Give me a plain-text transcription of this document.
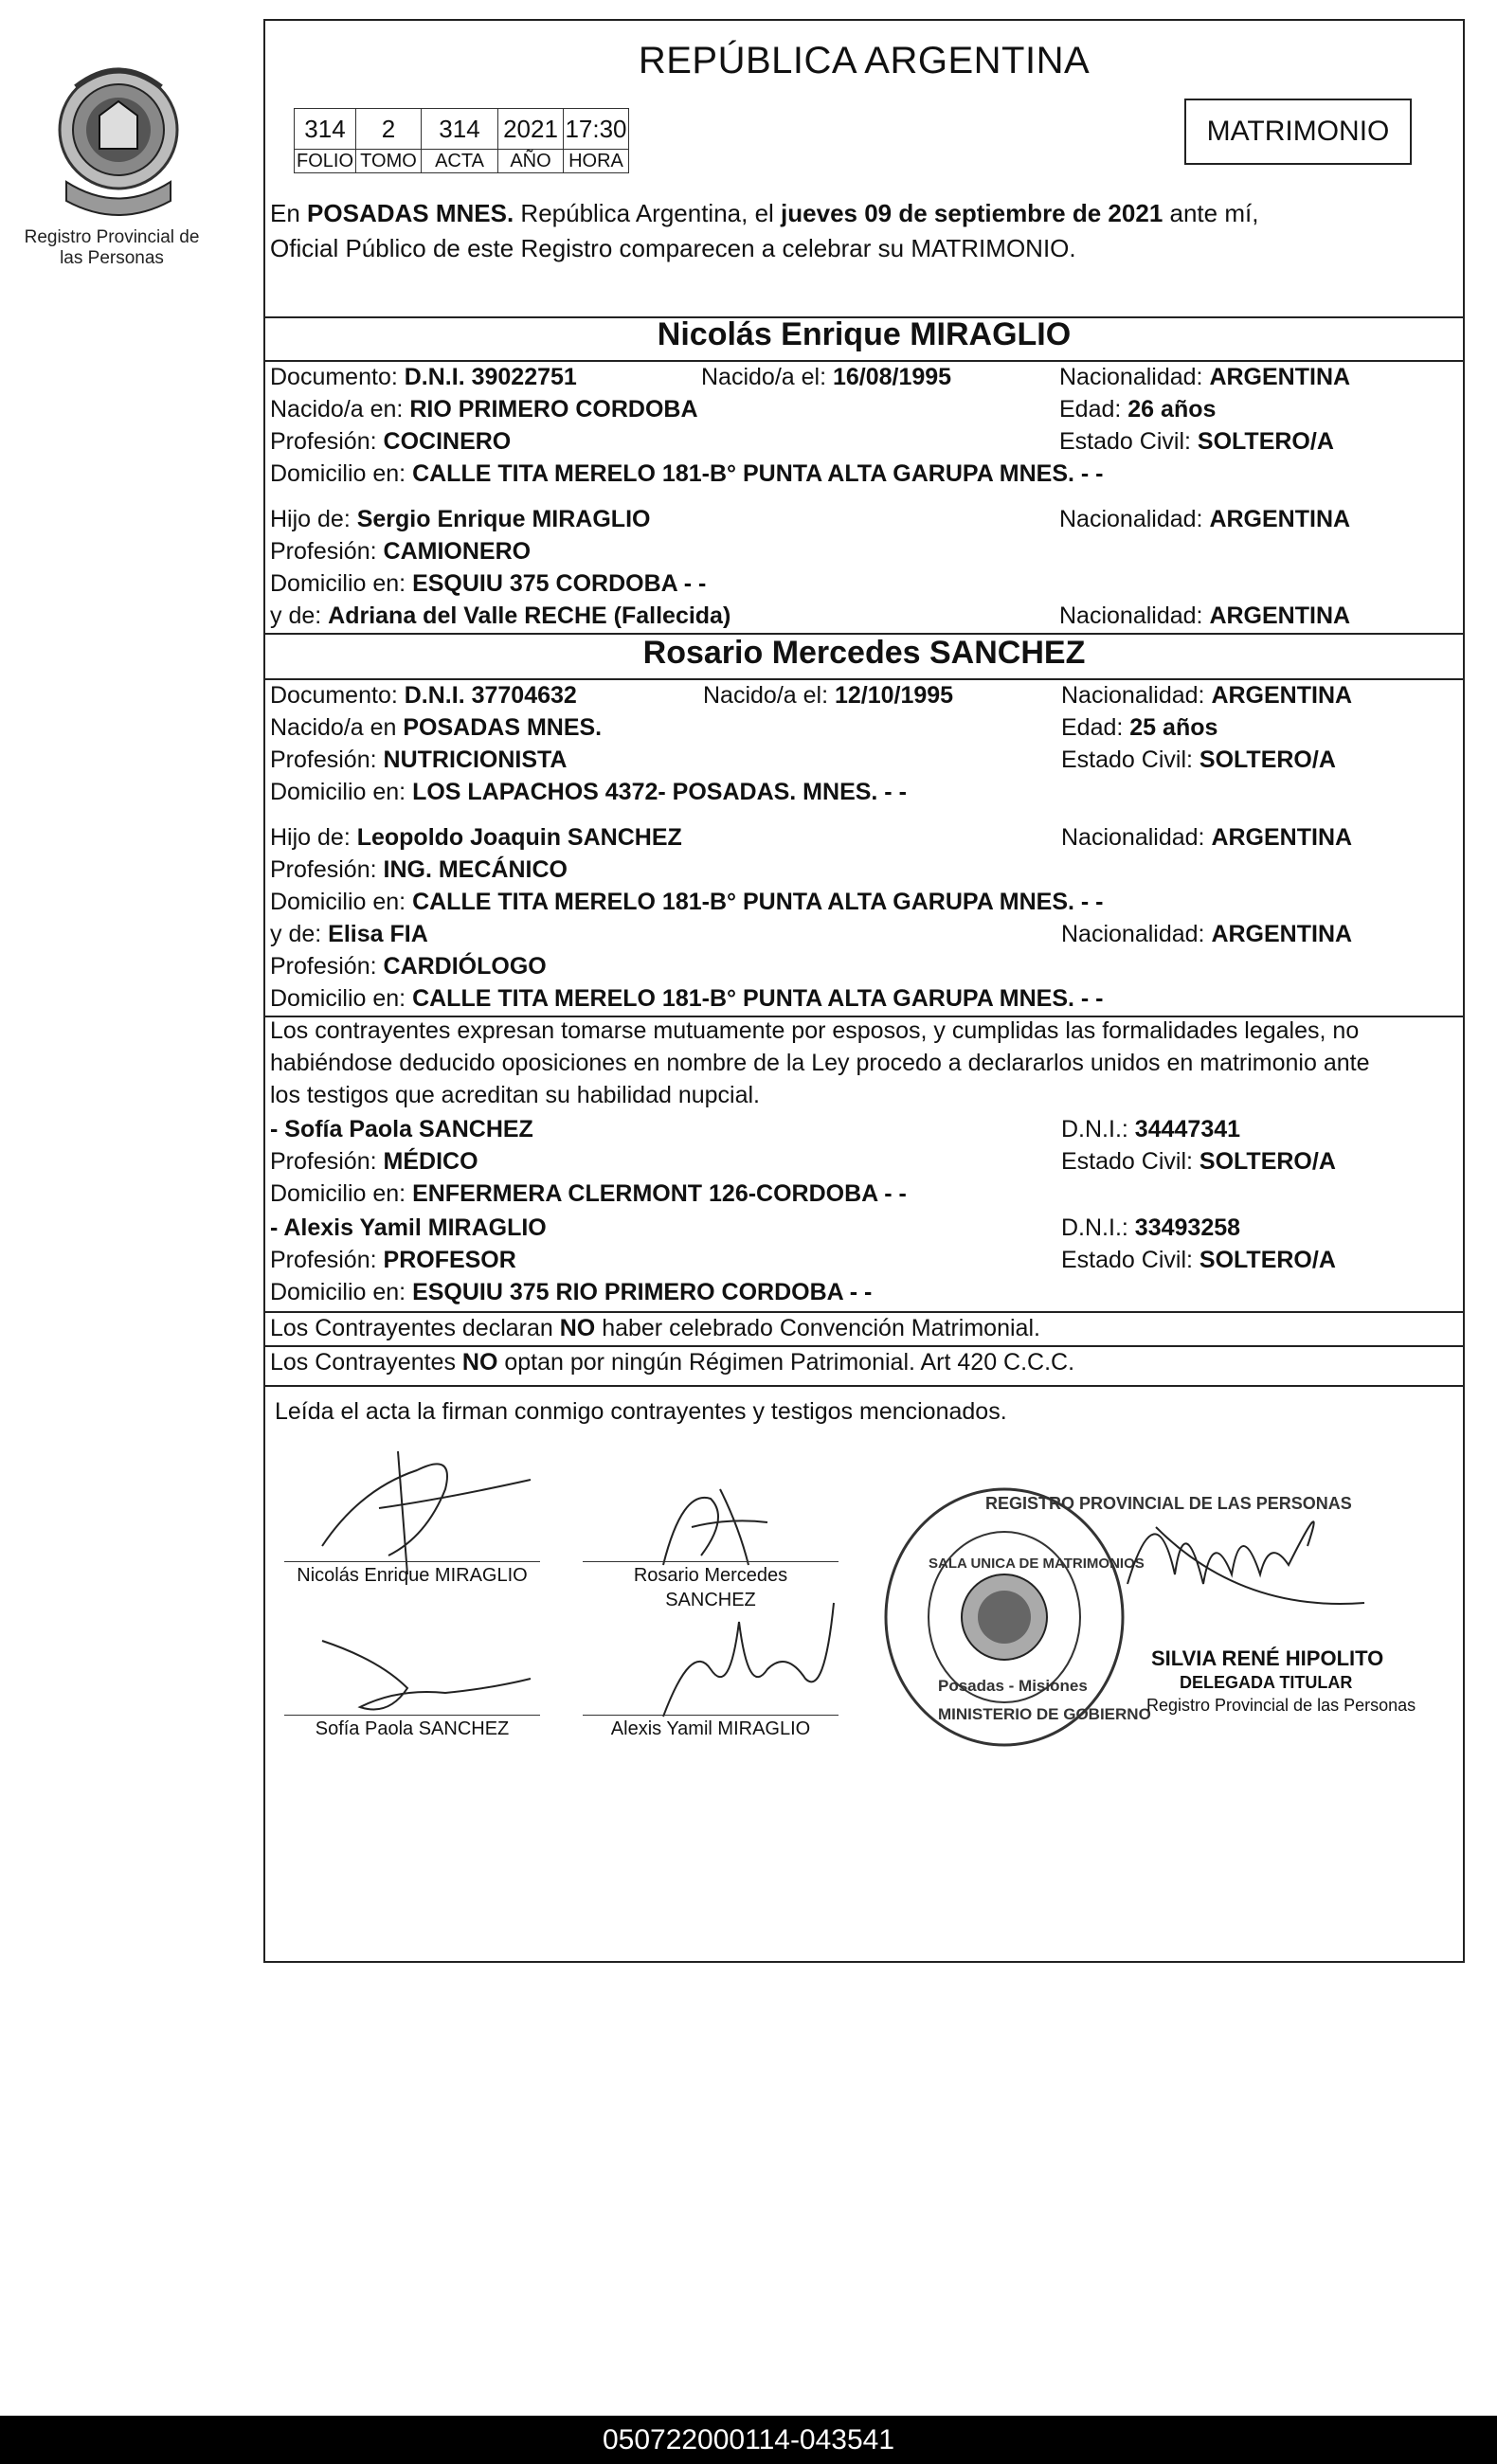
Registro Provincial de las Personas
REPÚBLICA ARGENTINA
314	2	314	2021	17:30
FOLIO	TOMO	ACTA	AÑO	HORA
MATRIMONIO
En POSADAS MNES. República Argentina, el jueves 09 de septiembre de 2021 ante mí,
Oficial Público de este Registro comparecen a celebrar su MATRIMONIO.
Nicolás Enrique MIRAGLIO
Documento: D.N.I. 39022751	Nacido/a el: 16/08/1995	Nacionalidad: ARGENTINA
Nacido/a en: RIO PRIMERO CORDOBA	Edad: 26 años
Profesión: COCINERO	Estado Civil: SOLTERO/A
Domicilio en: CALLE TITA MERELO 181-B° PUNTA ALTA GARUPA MNES. - -
Hijo de: Sergio Enrique MIRAGLIO	Nacionalidad: ARGENTINA
Profesión: CAMIONERO
Domicilio en: ESQUIU 375 CORDOBA - -
y de: Adriana del Valle RECHE (Fallecida)	Nacionalidad: ARGENTINA
Rosario Mercedes SANCHEZ
Documento: D.N.I. 37704632	Nacido/a el: 12/10/1995	Nacionalidad: ARGENTINA
Nacido/a en POSADAS MNES.	Edad: 25 años
Profesión: NUTRICIONISTA	Estado Civil: SOLTERO/A
Domicilio en: LOS LAPACHOS 4372- POSADAS. MNES. - -
Hijo de: Leopoldo Joaquin SANCHEZ	Nacionalidad: ARGENTINA
Profesión: ING. MECÁNICO
Domicilio en: CALLE TITA MERELO 181-B° PUNTA ALTA GARUPA MNES. - -
y de: Elisa FIA	Nacionalidad: ARGENTINA
Profesión: CARDIÓLOGO
Domicilio en: CALLE TITA MERELO 181-B° PUNTA ALTA GARUPA MNES. - -
Los contrayentes expresan tomarse mutuamente por esposos, y cumplidas las formalidades legales, no
habiéndose deducido oposiciones en nombre de la Ley procedo a declararlos unidos en matrimonio ante
los testigos que acreditan su habilidad nupcial.
- Sofía Paola SANCHEZ	D.N.I.: 34447341
Profesión: MÉDICO	Estado Civil: SOLTERO/A
Domicilio en: ENFERMERA CLERMONT 126-CORDOBA - -
- Alexis Yamil MIRAGLIO	D.N.I.: 33493258
Profesión: PROFESOR	Estado Civil: SOLTERO/A
Domicilio en: ESQUIU 375 RIO PRIMERO CORDOBA - -
Los Contrayentes declaran NO haber celebrado Convención Matrimonial.
Los Contrayentes NO optan por ningún Régimen Patrimonial. Art 420 C.C.C.
Leída el acta la firman conmigo contrayentes y testigos mencionados.
Nicolás Enrique MIRAGLIO	Rosario Mercedes
SANCHEZ
Sofía Paola SANCHEZ	Alexis Yamil MIRAGLIO
REGISTRO PROVINCIAL DE LAS PERSONAS
SALA UNICA DE MATRIMONIOS
Posadas - Misiones
MINISTERIO DE GOBIERNO
SILVIA RENÉ HIPOLITO
DELEGADA TITULAR
Registro Provincial de las Personas
050722000114-043541
